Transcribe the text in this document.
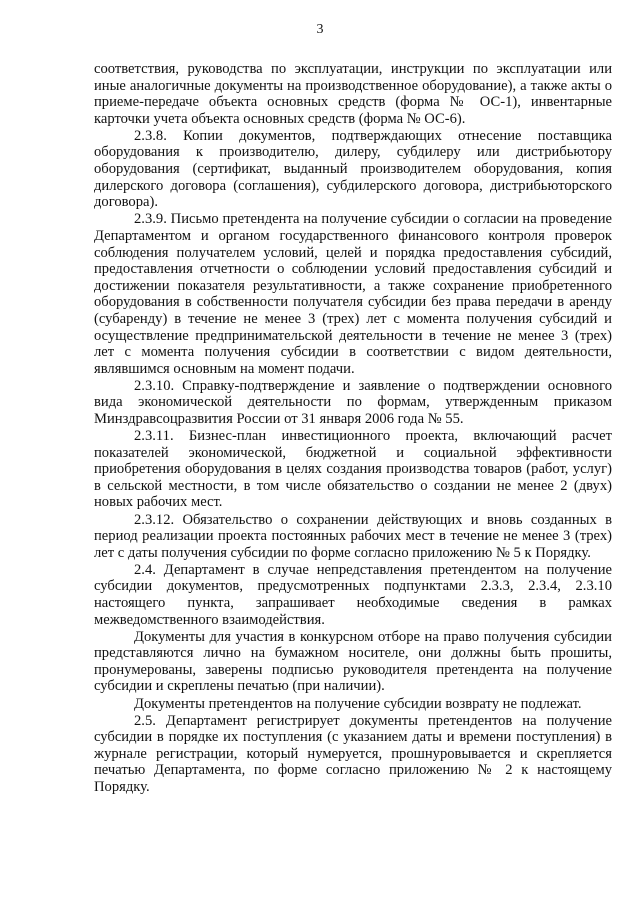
3

соответствия, руководства по эксплуатации, инструкции по эксплуатации или иные аналогичные документы на производственное оборудование), а также акты о приеме-передаче объекта основных средств (форма № ОС-1), инвентарные карточки учета объекта основных средств (форма № ОС-6).

2.3.8. Копии документов, подтверждающих отнесение поставщика оборудования к производителю, дилеру, субдилеру или дистрибьютору оборудования (сертификат, выданный производителем оборудования, копия дилерского договора (соглашения), субдилерского договора, дистрибьюторского договора).

2.3.9. Письмо претендента на получение субсидии о согласии на проведение Департаментом и органом государственного финансового контроля проверок соблюдения получателем условий, целей и порядка предоставления субсидий, предоставления отчетности о соблюдении условий предоставления субсидий и достижении показателя результативности, а также сохранение приобретенного оборудования в собственности получателя субсидии без права передачи в аренду (субаренду) в течение не менее 3 (трех) лет с момента получения субсидий и осуществление предпринимательской деятельности в течение не менее 3 (трех) лет с момента получения субсидии в соответствии с видом деятельности, являвшимся основным на момент подачи.

2.3.10. Справку-подтверждение и заявление о подтверждении основного вида экономической деятельности по формам, утвержденным приказом Минздравсоцразвития России от 31 января 2006 года № 55.

2.3.11. Бизнес-план инвестиционного проекта, включающий расчет показателей экономической, бюджетной и социальной эффективности приобретения оборудования в целях создания производства товаров (работ, услуг) в сельской местности, в том числе обязательство о создании не менее 2 (двух) новых рабочих мест.

2.3.12. Обязательство о сохранении действующих и вновь созданных в период реализации проекта постоянных рабочих мест в течение не менее 3 (трех) лет с даты получения субсидии по форме согласно приложению № 5 к Порядку.

2.4. Департамент в случае непредставления претендентом на получение субсидии документов, предусмотренных подпунктами 2.3.3, 2.3.4, 2.3.10 настоящего пункта, запрашивает необходимые сведения в рамках межведомственного взаимодействия.

Документы для участия в конкурсном отборе на право получения субсидии представляются лично на бумажном носителе, они должны быть прошиты, пронумерованы, заверены подписью руководителя претендента на получение субсидии и скреплены печатью (при наличии).

Документы претендентов на получение субсидии возврату не подлежат.

2.5. Департамент регистрирует документы претендентов на получение субсидии в порядке их поступления (с указанием даты и времени поступления) в журнале регистрации, который нумеруется, прошнуровывается и скрепляется печатью Департамента, по форме согласно приложению № 2 к настоящему Порядку.
